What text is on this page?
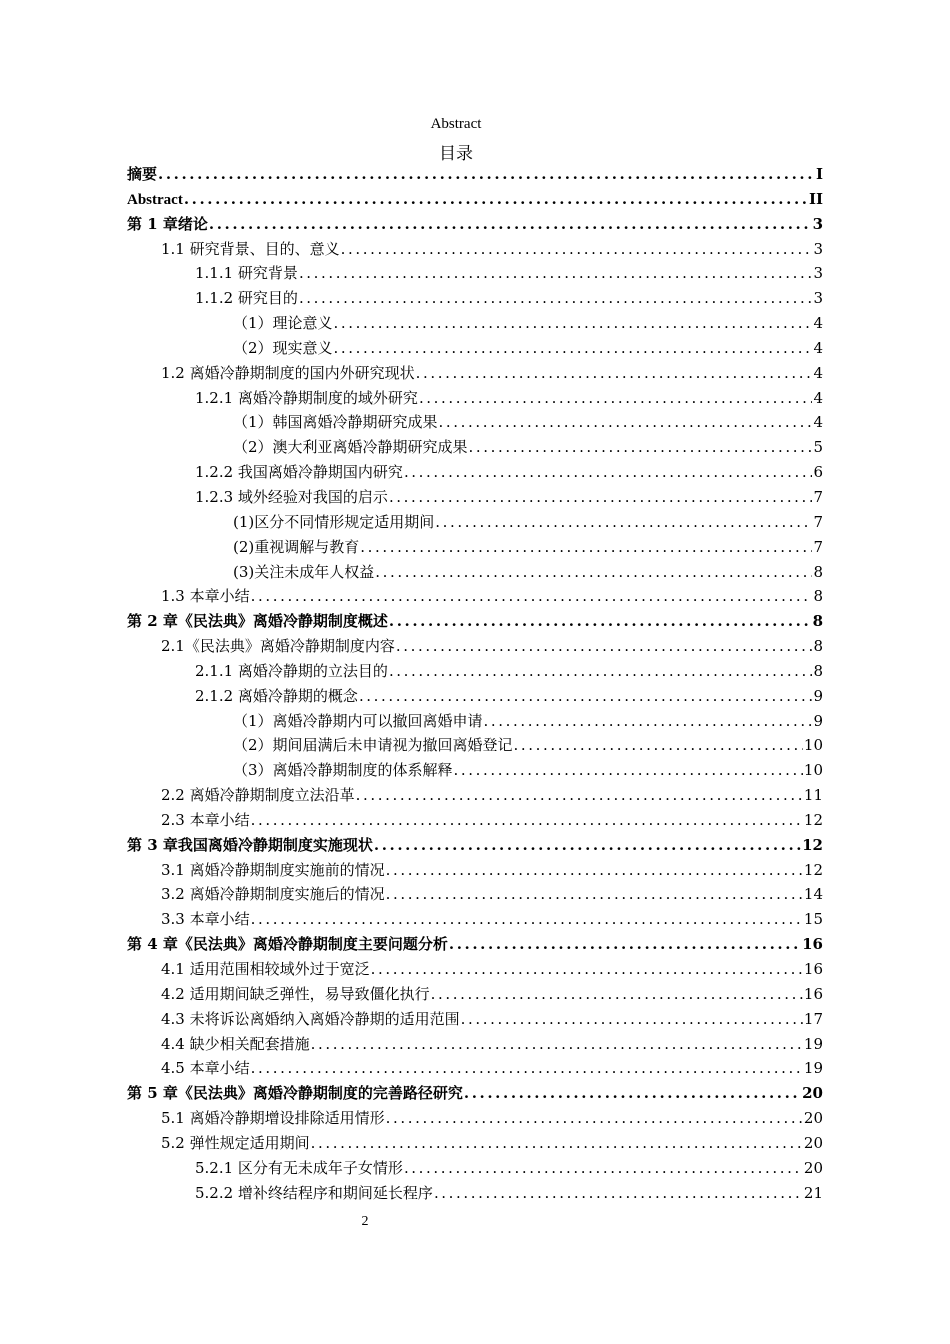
Abstract
目录
摘要 .....	I
Abstract .....	II
第 1 章绪论 .....	3
1.1 研究背景、目的、意义 .....	3
1.1.1 研究背景 .....	3
1.1.2 研究目的 .....	3
（1）理论意义 .....	4
（2）现实意义 .....	4
1.2 离婚冷静期制度的国内外研究现状 .....	4
1.2.1 离婚冷静期制度的域外研究 .....	4
（1）韩国离婚冷静期研究成果 .....	4
（2）澳大利亚离婚冷静期研究成果 .....	5
1.2.2 我国离婚冷静期国内研究 .....	6
1.2.3 域外经验对我国的启示 .....	7
(1)区分不同情形规定适用期间 .....	7
(2)重视调解与教育 .....	7
(3)关注未成年人权益 .....	8
1.3 本章小结 .....	8
第 2 章《民法典》离婚冷静期制度概述 .....	8
2.1《民法典》离婚冷静期制度内容 .....	8
2.1.1 离婚冷静期的立法目的 .....	8
2.1.2 离婚冷静期的概念 .....	9
（1）离婚冷静期内可以撤回离婚申请 .....	9
（2）期间届满后未申请视为撤回离婚登记 .....	10
（3）离婚冷静期制度的体系解释 .....	10
2.2 离婚冷静期制度立法沿革 .....	11
2.3 本章小结 .....	12
第 3 章我国离婚冷静期制度实施现状 .....	12
3.1 离婚冷静期制度实施前的情况 .....	12
3.2 离婚冷静期制度实施后的情况 .....	14
3.3 本章小结 .....	15
第 4 章《民法典》离婚冷静期制度主要问题分析 .....	16
4.1 适用范围相较域外过于宽泛 .....	16
4.2 适用期间缺乏弹性，易导致僵化执行 .....	16
4.3 未将诉讼离婚纳入离婚冷静期的适用范围 .....	17
4.4 缺少相关配套措施 .....	19
4.5 本章小结 .....	19
第 5 章《民法典》离婚冷静期制度的完善路径研究 .....	20
5.1 离婚冷静期增设排除适用情形 .....	20
5.2 弹性规定适用期间 .....	20
5.2.1 区分有无未成年子女情形 .....	20
5.2.2 增补终结程序和期间延长程序 .....	21
2
